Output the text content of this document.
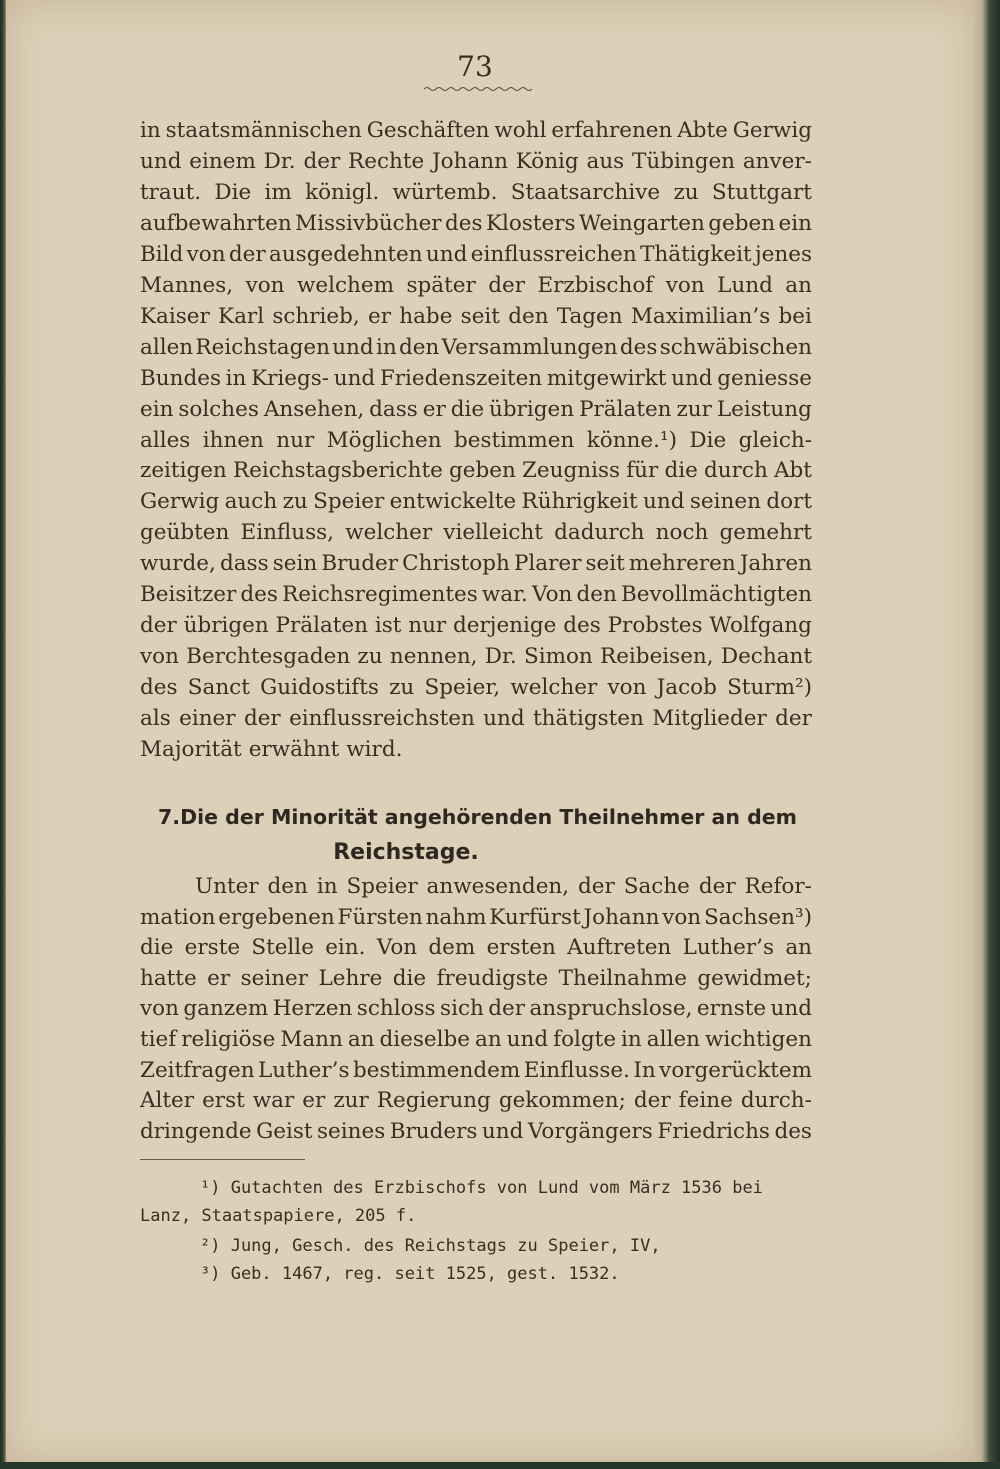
73
in staatsmännischen Geschäften wohl erfahrenen Abte Gerwig
und einem Dr. der Rechte Johann König aus Tübingen anver-
traut. Die im königl. würtemb. Staatsarchive zu Stuttgart
aufbewahrten Missivbücher des Klosters Weingarten geben ein
Bild von der ausgedehnten und einflussreichen Thätigkeit jenes
Mannes, von welchem später der Erzbischof von Lund an
Kaiser Karl schrieb, er habe seit den Tagen Maximilian’s bei
allen Reichstagen und in den Versammlungen des schwäbischen
Bundes in Kriegs- und Friedenszeiten mitgewirkt und geniesse
ein solches Ansehen, dass er die übrigen Prälaten zur Leistung
alles ihnen nur Möglichen bestimmen könne.¹) Die gleich-
zeitigen Reichstagsberichte geben Zeugniss für die durch Abt
Gerwig auch zu Speier entwickelte Rührigkeit und seinen dort
geübten Einfluss, welcher vielleicht dadurch noch gemehrt
wurde, dass sein Bruder Christoph Plarer seit mehreren Jahren
Beisitzer des Reichsregimentes war. Von den Bevollmächtigten
der übrigen Prälaten ist nur derjenige des Probstes Wolfgang
von Berchtesgaden zu nennen, Dr. Simon Reibeisen, Dechant
des Sanct Guidostifts zu Speier, welcher von Jacob Sturm²)
als einer der einflussreichsten und thätigsten Mitglieder der
Majorität erwähnt wird.
7. Die der Minorität angehörenden Theilnehmer an dem
Reichstage.
Unter den in Speier anwesenden, der Sache der Refor-
mation ergebenen Fürsten nahm Kurfürst Johann von Sachsen³)
die erste Stelle ein. Von dem ersten Auftreten Luther’s an
hatte er seiner Lehre die freudigste Theilnahme gewidmet;
von ganzem Herzen schloss sich der anspruchslose, ernste und
tief religiöse Mann an dieselbe an und folgte in allen wichtigen
Zeitfragen Luther’s bestimmendem Einflusse. In vorgerücktem
Alter erst war er zur Regierung gekommen; der feine durch-
dringende Geist seines Bruders und Vorgängers Friedrichs des
¹) Gutachten des Erzbischofs von Lund vom März 1536 bei
Lanz, Staatspapiere, 205 f.
²) Jung, Gesch. des Reichstags zu Speier, IV,
³) Geb. 1467, reg. seit 1525, gest. 1532.
